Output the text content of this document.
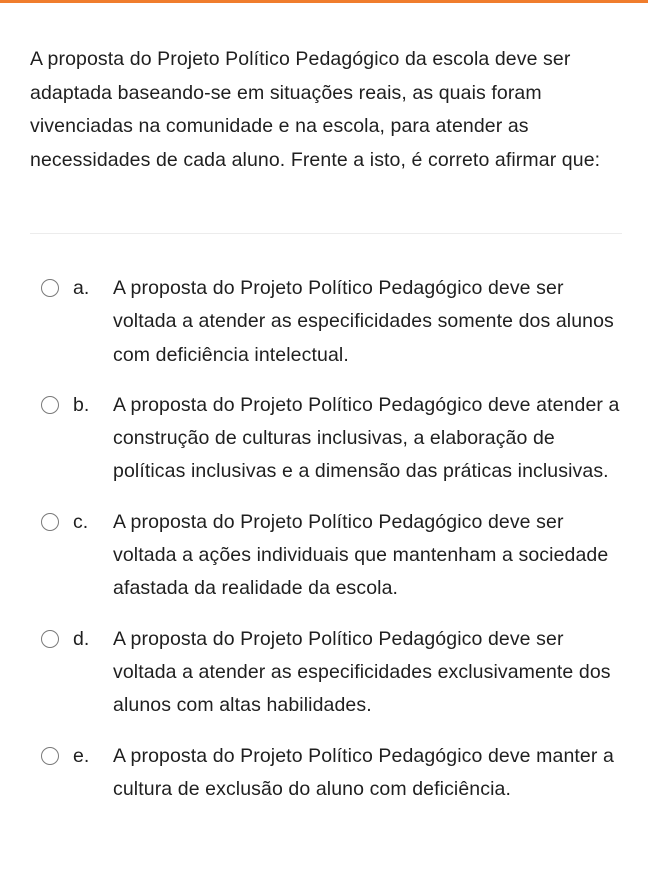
A proposta do Projeto Político Pedagógico da escola deve ser adaptada baseando-se em situações reais, as quais foram vivenciadas na comunidade e na escola, para atender as necessidades de cada aluno. Frente a isto, é correto afirmar que:
a.	A proposta do Projeto Político Pedagógico deve ser voltada a atender as especificidades somente dos alunos com deficiência intelectual.
b.	A proposta do Projeto Político Pedagógico deve atender a construção de culturas inclusivas, a elaboração de políticas inclusivas e a dimensão das práticas inclusivas.
c.	A proposta do Projeto Político Pedagógico deve ser voltada a ações individuais que mantenham a sociedade afastada da realidade da escola.
d.	A proposta do Projeto Político Pedagógico deve ser voltada a atender as especificidades exclusivamente dos alunos com altas habilidades.
e.	A proposta do Projeto Político Pedagógico deve manter a cultura de exclusão do aluno com deficiência.
